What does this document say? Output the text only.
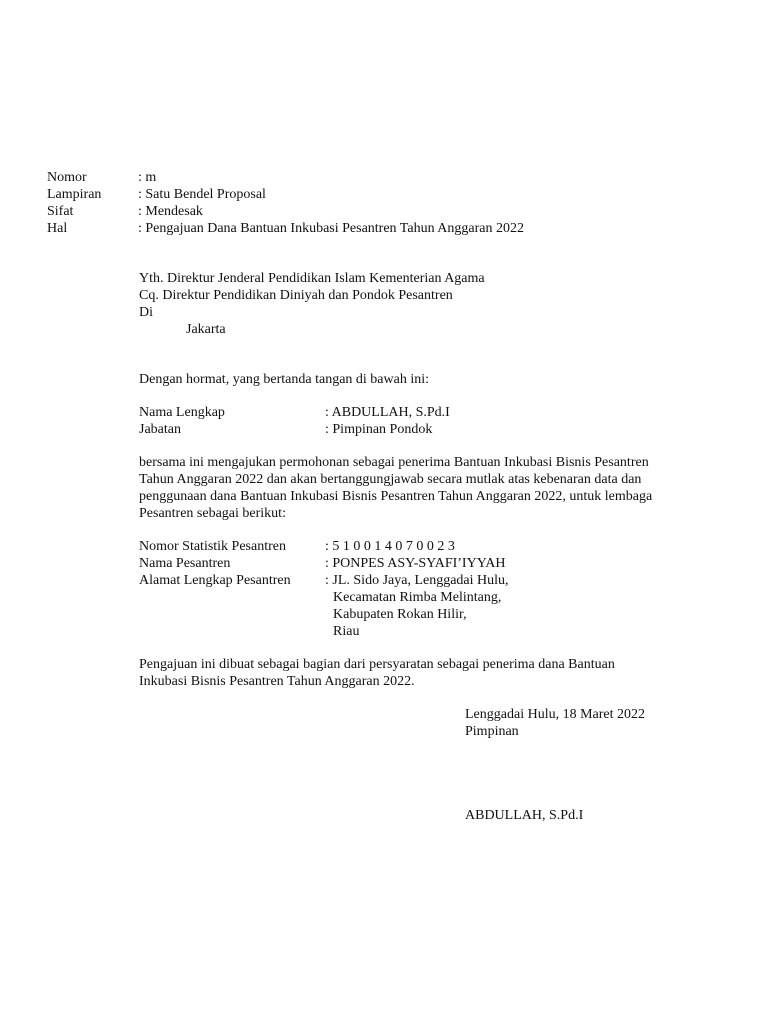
Nomor	: m
Lampiran	: Satu Bendel Proposal
Sifat	: Mendesak
Hal	: Pengajuan Dana Bantuan Inkubasi Pesantren Tahun Anggaran 2022
Yth. Direktur Jenderal Pendidikan Islam Kementerian Agama
Cq. Direktur Pendidikan Diniyah dan Pondok Pesantren
Di
Jakarta
Dengan hormat, yang bertanda tangan di bawah ini:
Nama Lengkap	: ABDULLAH, S.Pd.I
Jabatan	: Pimpinan Pondok
bersama ini mengajukan permohonan sebagai penerima Bantuan Inkubasi Bisnis Pesantren
Tahun Anggaran 2022 dan akan bertanggungjawab secara mutlak atas kebenaran data dan
penggunaan dana Bantuan Inkubasi Bisnis Pesantren Tahun Anggaran 2022, untuk lembaga
Pesantren sebagai berikut:
Nomor Statistik Pesantren	: 5 1 0 0 1 4 0 7 0 0 2 3
Nama Pesantren	: PONPES ASY-SYAFI’IYYAH
Alamat Lengkap Pesantren : JL. Sido Jaya, Lenggadai Hulu,
Kecamatan Rimba Melintang,
Kabupaten Rokan Hilir,
Riau
Pengajuan ini dibuat sebagai bagian dari persyaratan sebagai penerima dana Bantuan
Inkubasi Bisnis Pesantren Tahun Anggaran 2022.
Lenggadai Hulu, 18 Maret 2022
Pimpinan
ABDULLAH, S.Pd.I
